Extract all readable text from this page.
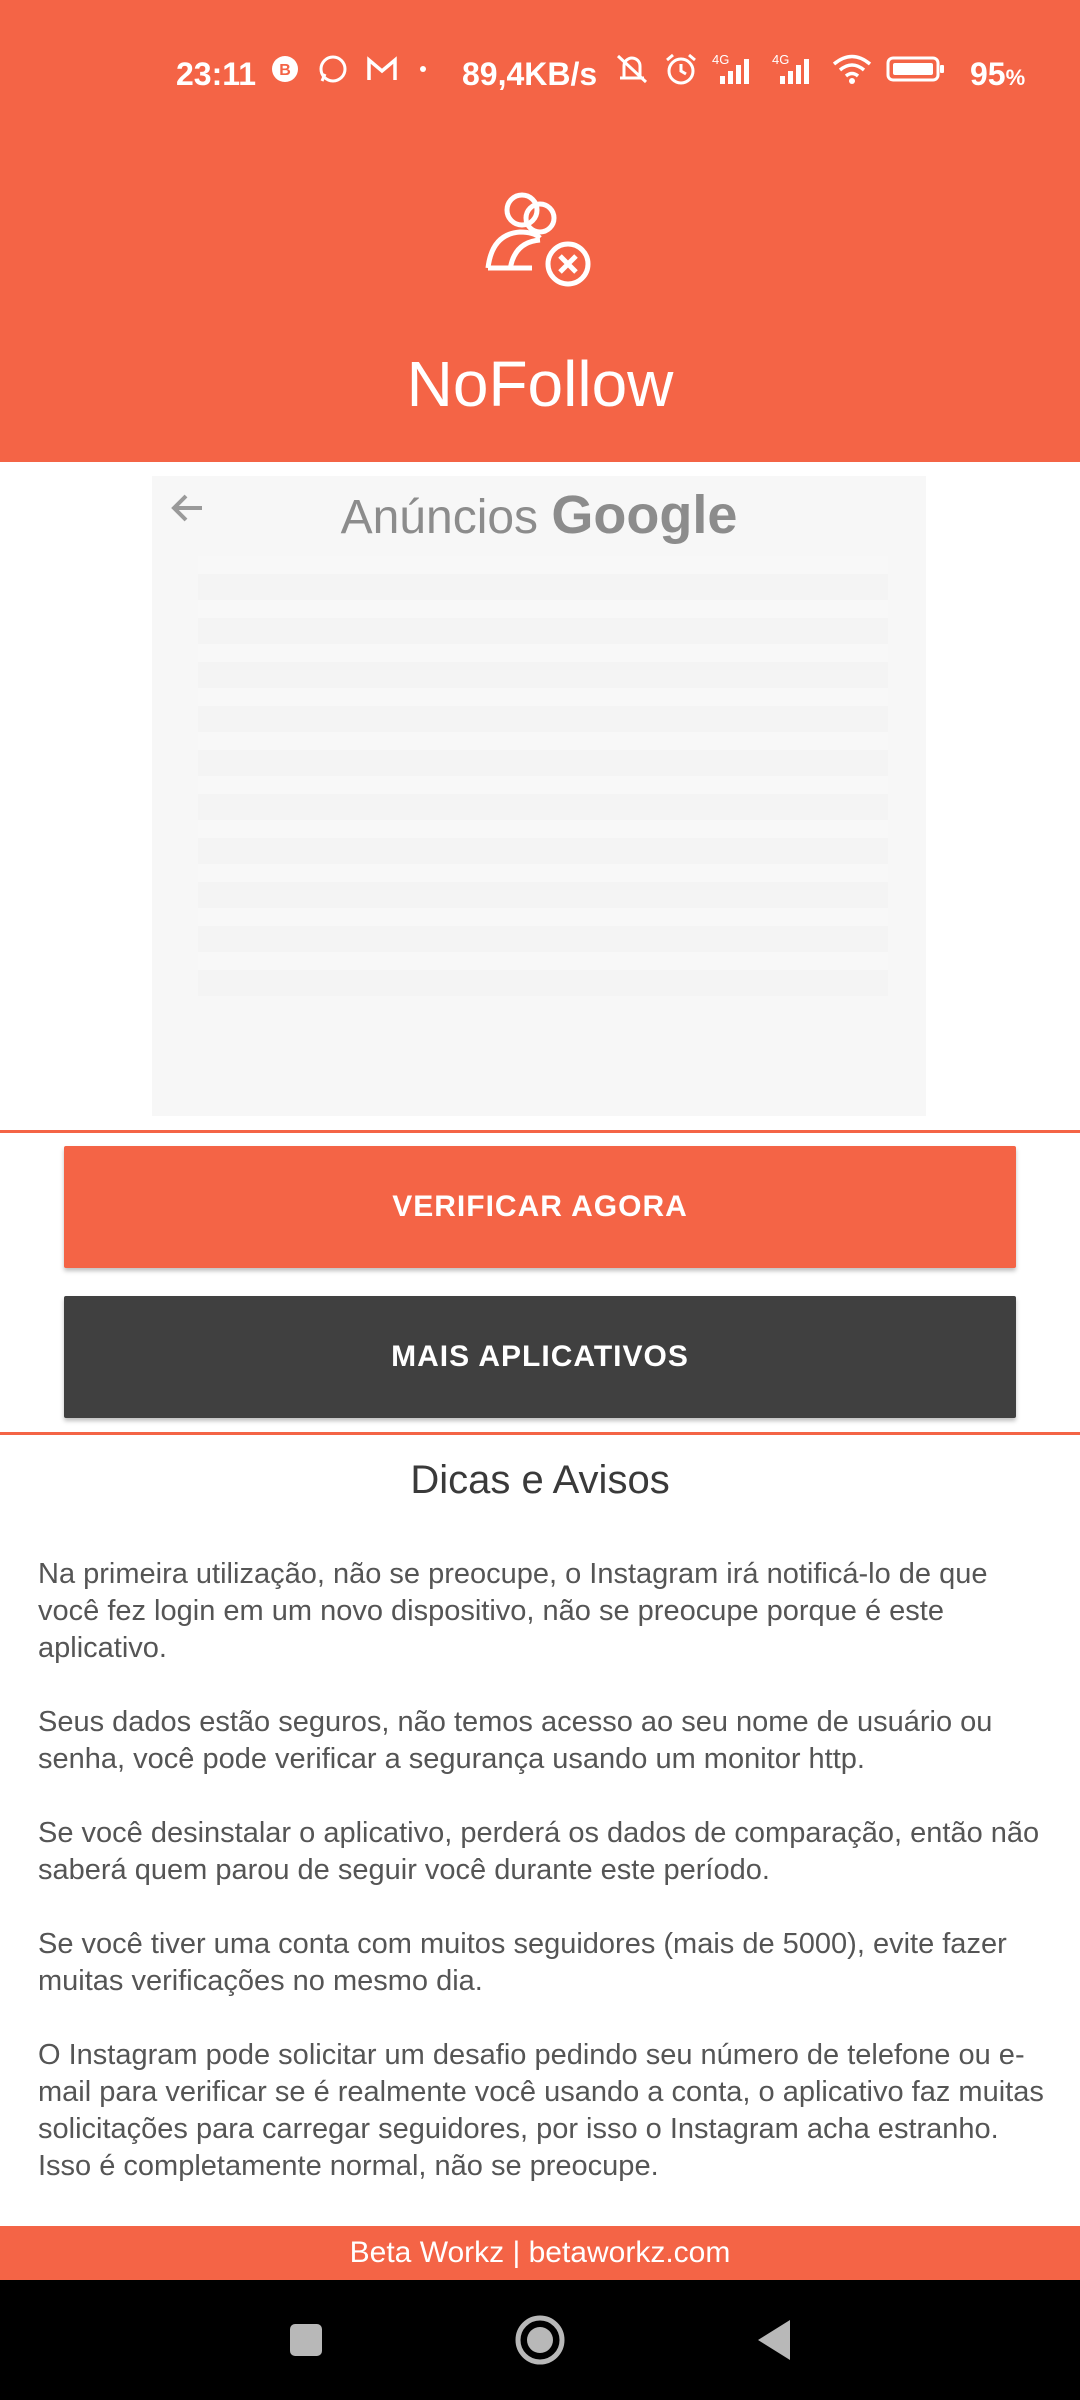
23:11 B	89,4KB/s	4G	4G	95%
NoFollow
Anúncios Google
VERIFICAR AGORA
MAIS APLICATIVOS
Dicas e Avisos

Na primeira utilização, não se preocupe, o Instagram irá notificá-lo de que você fez login em um novo dispositivo, não se preocupe porque é este aplicativo.

Seus dados estão seguros, não temos acesso ao seu nome de usuário ou senha, você pode verificar a segurança usando um monitor http.

Se você desinstalar o aplicativo, perderá os dados de comparação, então não saberá quem parou de seguir você durante este período.

Se você tiver uma conta com muitos seguidores (mais de 5000), evite fazer muitas verificações no mesmo dia.

O Instagram pode solicitar um desafio pedindo seu número de telefone ou e-mail para verificar se é realmente você usando a conta, o aplicativo faz muitas solicitações para carregar seguidores, por isso o Instagram acha estranho. Isso é completamente normal, não se preocupe.

Beta Workz | betaworkz.com
